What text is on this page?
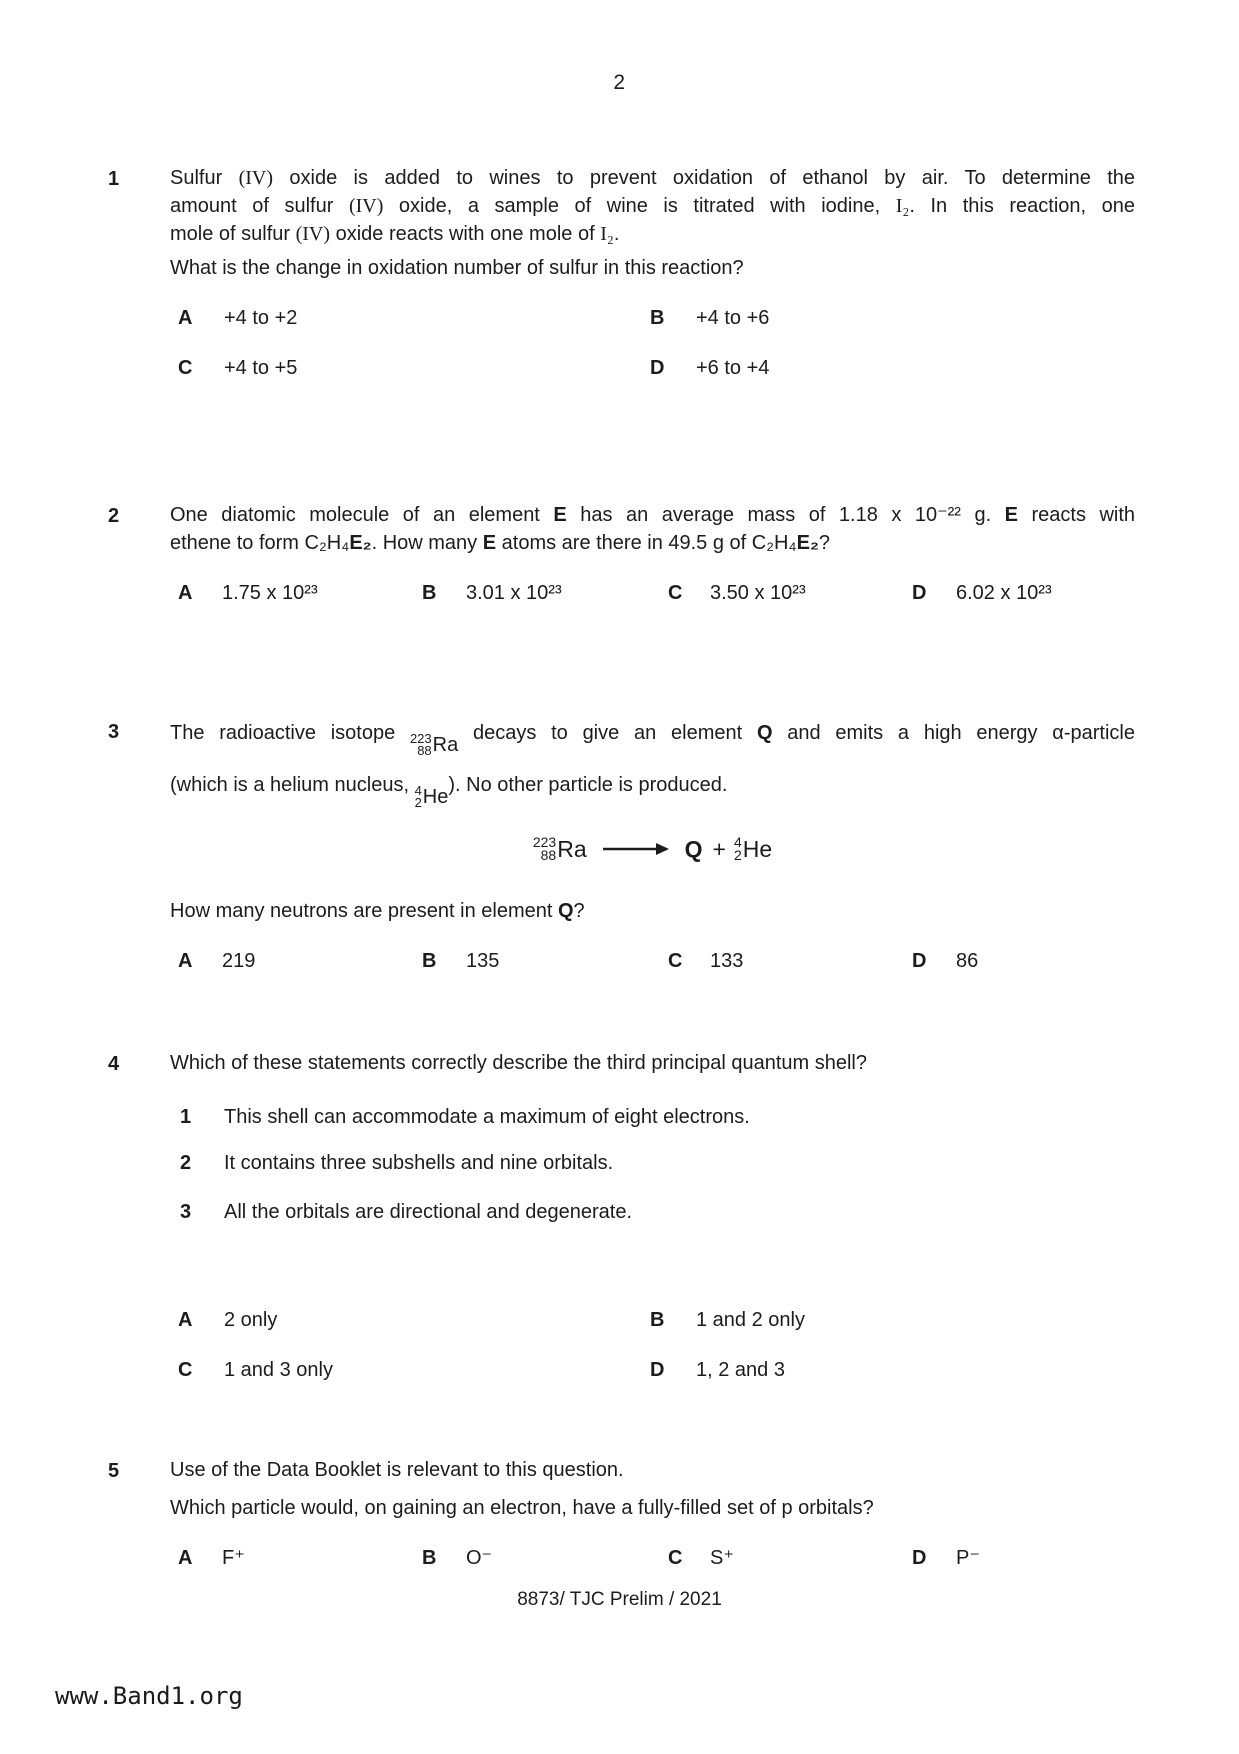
2
1	Sulfur (IV) oxide is added to wines to prevent oxidation of ethanol by air. To determine the
amount of sulfur (IV) oxide, a sample of wine is titrated with iodine, I₂. In this reaction, one
mole of sulfur (IV) oxide reacts with one mole of I₂.
What is the change in oxidation number of sulfur in this reaction?
A +4 to +2	B +4 to +6
C +4 to +5	D +6 to +4
2	One diatomic molecule of an element E has an average mass of 1.18 x 10⁻²² g. E reacts with
ethene to form C₂H₄E₂. How many E atoms are there in 49.5 g of C₂H₄E₂?
A 1.75 x 10²³	B 3.01 x 10²³	C 3.50 x 10²³	D 6.02 x 10²³
3	The radioactive isotope 223
88 Ra
decays to give an element Q and emits a high energy α-particle
(which is a helium nucleus, 4
2 He
). No other particle is produced.
223
88 Ra → Q + 4
2 He
How many neutrons are present in element Q?
A 219	B 135	C 133	D 86
4	Which of these statements correctly describe the third principal quantum shell?
1 This shell can accommodate a maximum of eight electrons.
2 It contains three subshells and nine orbitals.
3 All the orbitals are directional and degenerate.
A 2 only	B 1 and 2 only
C 1 and 3 only	D 1, 2 and 3
5	Use of the Data Booklet is relevant to this question.
Which particle would, on gaining an electron, have a fully-filled set of p orbitals?
A F⁺	B O⁻	C S⁺	D P⁻
8873/ TJC Prelim / 2021
www.Band1.org
